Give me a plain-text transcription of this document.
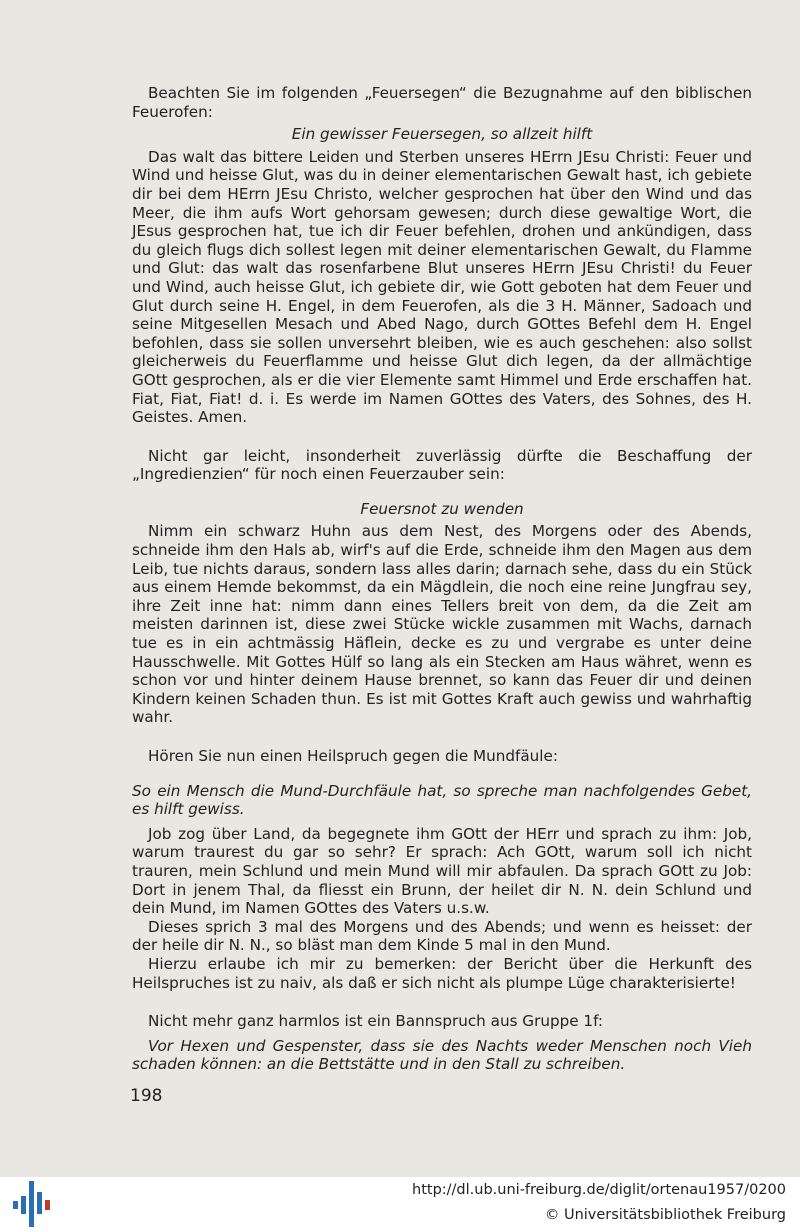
Beachten Sie im folgenden „Feuersegen“ die Bezugnahme auf den biblischen Feuerofen:

Ein gewisser Feuersegen, so allzeit hilft

Das walt das bittere Leiden und Sterben unseres HErrn JEsu Christi: Feuer und Wind und heisse Glut, was du in deiner elementarischen Gewalt hast, ich gebiete dir bei dem HErrn JEsu Christo, welcher gesprochen hat über den Wind und das Meer, die ihm aufs Wort gehorsam gewesen; durch diese gewaltige Wort, die JEsus gesprochen hat, tue ich dir Feuer befehlen, drohen und ankündigen, dass du gleich flugs dich sollest legen mit deiner elementarischen Gewalt, du Flamme und Glut: das walt das rosenfarbene Blut unseres HErrn JEsu Christi! du Feuer und Wind, auch heisse Glut, ich gebiete dir, wie Gott geboten hat dem Feuer und Glut durch seine H. Engel, in dem Feuerofen, als die 3 H. Männer, Sadoach und seine Mitgesellen Mesach und Abed Nago, durch GOttes Befehl dem H. Engel befohlen, dass sie sollen unversehrt bleiben, wie es auch geschehen: also sollst gleicherweis du Feuerflamme und heisse Glut dich legen, da der allmächtige GOtt gesprochen, als er die vier Elemente samt Himmel und Erde erschaffen hat. Fiat, Fiat, Fiat! d. i. Es werde im Namen GOttes des Vaters, des Sohnes, des H. Geistes. Amen.

Nicht gar leicht, insonderheit zuverlässig dürfte die Beschaffung der „Ingredienzien“ für noch einen Feuerzauber sein:

Feuersnot zu wenden

Nimm ein schwarz Huhn aus dem Nest, des Morgens oder des Abends, schneide ihm den Hals ab, wirf's auf die Erde, schneide ihm den Magen aus dem Leib, tue nichts daraus, sondern lass alles darin; darnach sehe, dass du ein Stück aus einem Hemde bekommst, da ein Mägdlein, die noch eine reine Jungfrau sey, ihre Zeit inne hat: nimm dann eines Tellers breit von dem, da die Zeit am meisten darinnen ist, diese zwei Stücke wickle zusammen mit Wachs, darnach tue es in ein achtmässig Häflein, decke es zu und vergrabe es unter deine Hausschwelle. Mit Gottes Hülf so lang als ein Stecken am Haus währet, wenn es schon vor und hinter deinem Hause brennet, so kann das Feuer dir und deinen Kindern keinen Schaden thun. Es ist mit Gottes Kraft auch gewiss und wahrhaftig wahr.

Hören Sie nun einen Heilspruch gegen die Mundfäule:

So ein Mensch die Mund-Durchfäule hat, so spreche man nachfolgendes Gebet, es hilft gewiss.

Job zog über Land, da begegnete ihm GOtt der HErr und sprach zu ihm: Job, warum traurest du gar so sehr? Er sprach: Ach GOtt, warum soll ich nicht trauren, mein Schlund und mein Mund will mir abfaulen. Da sprach GOtt zu Job: Dort in jenem Thal, da fliesst ein Brunn, der heilet dir N. N. dein Schlund und dein Mund, im Namen GOttes des Vaters u.s.w.

Dieses sprich 3 mal des Morgens und des Abends; und wenn es heisset: der der heile dir N. N., so bläst man dem Kinde 5 mal in den Mund.

Hierzu erlaube ich mir zu bemerken: der Bericht über die Herkunft des Heilspruches ist zu naiv, als daß er sich nicht als plumpe Lüge charakterisierte!

Nicht mehr ganz harmlos ist ein Bannspruch aus Gruppe 1f:

Vor Hexen und Gespenster, dass sie des Nachts weder Menschen noch Vieh schaden können: an die Bettstätte und in den Stall zu schreiben.

198
http://dl.ub.uni-freiburg.de/diglit/ortenau1957/0200
© Universitätsbibliothek Freiburg
